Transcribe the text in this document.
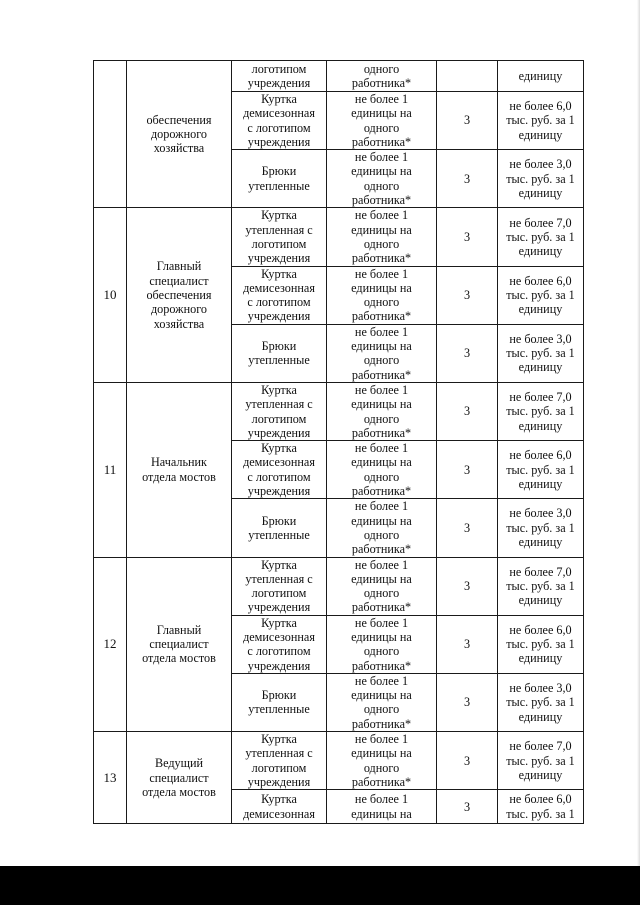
	обеспечения
дорожного
хозяйства	логотипом
учреждения	одного
работника*		единицу

		Куртка
демисезонная
с логотипом
учреждения	не более 1
единицы на
одного
работника*	3	не более 6,0
тыс. руб. за 1
единицу

		Брюки
утепленные	не более 1
единицы на
одного
работника*	3	не более 3,0
тыс. руб. за 1
единицу

10	Главный
специалист
обеспечения
дорожного
хозяйства	Куртка
утепленная с
логотипом
учреждения	не более 1
единицы на
одного
работника*	3	не более 7,0
тыс. руб. за 1
единицу

		Куртка
демисезонная
с логотипом
учреждения	не более 1
единицы на
одного
работника*	3	не более 6,0
тыс. руб. за 1
единицу

		Брюки
утепленные	не более 1
единицы на
одного
работника*	3	не более 3,0
тыс. руб. за 1
единицу

11	Начальник
отдела мостов	Куртка
утепленная с
логотипом
учреждения	не более 1
единицы на
одного
работника*	3	не более 7,0
тыс. руб. за 1
единицу

		Куртка
демисезонная
с логотипом
учреждения	не более 1
единицы на
одного
работника*	3	не более 6,0
тыс. руб. за 1
единицу

		Брюки
утепленные	не более 1
единицы на
одного
работника*	3	не более 3,0
тыс. руб. за 1
единицу

12	Главный
специалист
отдела мостов	Куртка
утепленная с
логотипом
учреждения	не более 1
единицы на
одного
работника*	3	не более 7,0
тыс. руб. за 1
единицу

		Куртка
демисезонная
с логотипом
учреждения	не более 1
единицы на
одного
работника*	3	не более 6,0
тыс. руб. за 1
единицу

		Брюки
утепленные	не более 1
единицы на
одного
работника*	3	не более 3,0
тыс. руб. за 1
единицу

13	Ведущий
специалист
отдела мостов	Куртка
утепленная с
логотипом
учреждения	не более 1
единицы на
одного
работника*	3	не более 7,0
тыс. руб. за 1
единицу

		Куртка
демисезонная	не более 1
единицы на	3	не более 6,0
тыс. руб. за 1
